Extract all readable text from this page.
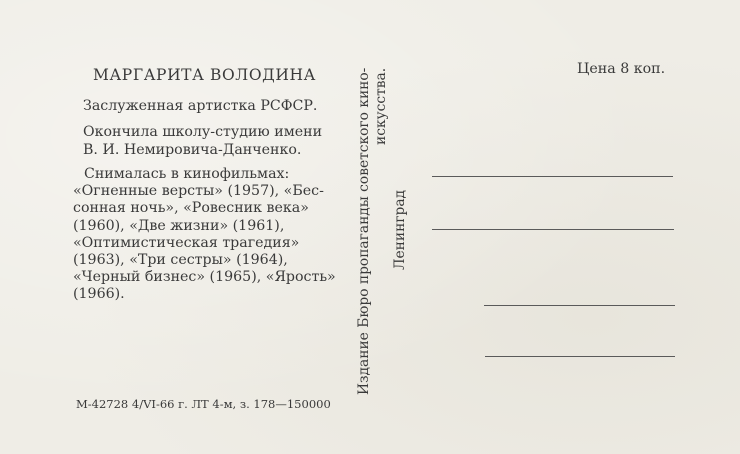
МАРГАРИТА ВОЛОДИНА
Заслуженная артистка РСФСР.
Окончила школу-студию имени
В. И. Немировича-Данченко.
Снималась в кинофильмах:
«Огненные версты» (1957), «Бес-
сонная ночь», «Ровесник века»
(1960), «Две жизни» (1961),
«Оптимистическая трагедия»
(1963), «Три сестры» (1964),
«Черный бизнес» (1965), «Ярость»
(1966).
М-42728 4/VI-66 г. ЛТ 4-м, з. 178—150000
Издание Бюро пропаганды советского кино- искусства.
Ленинград
Цена 8 коп.
